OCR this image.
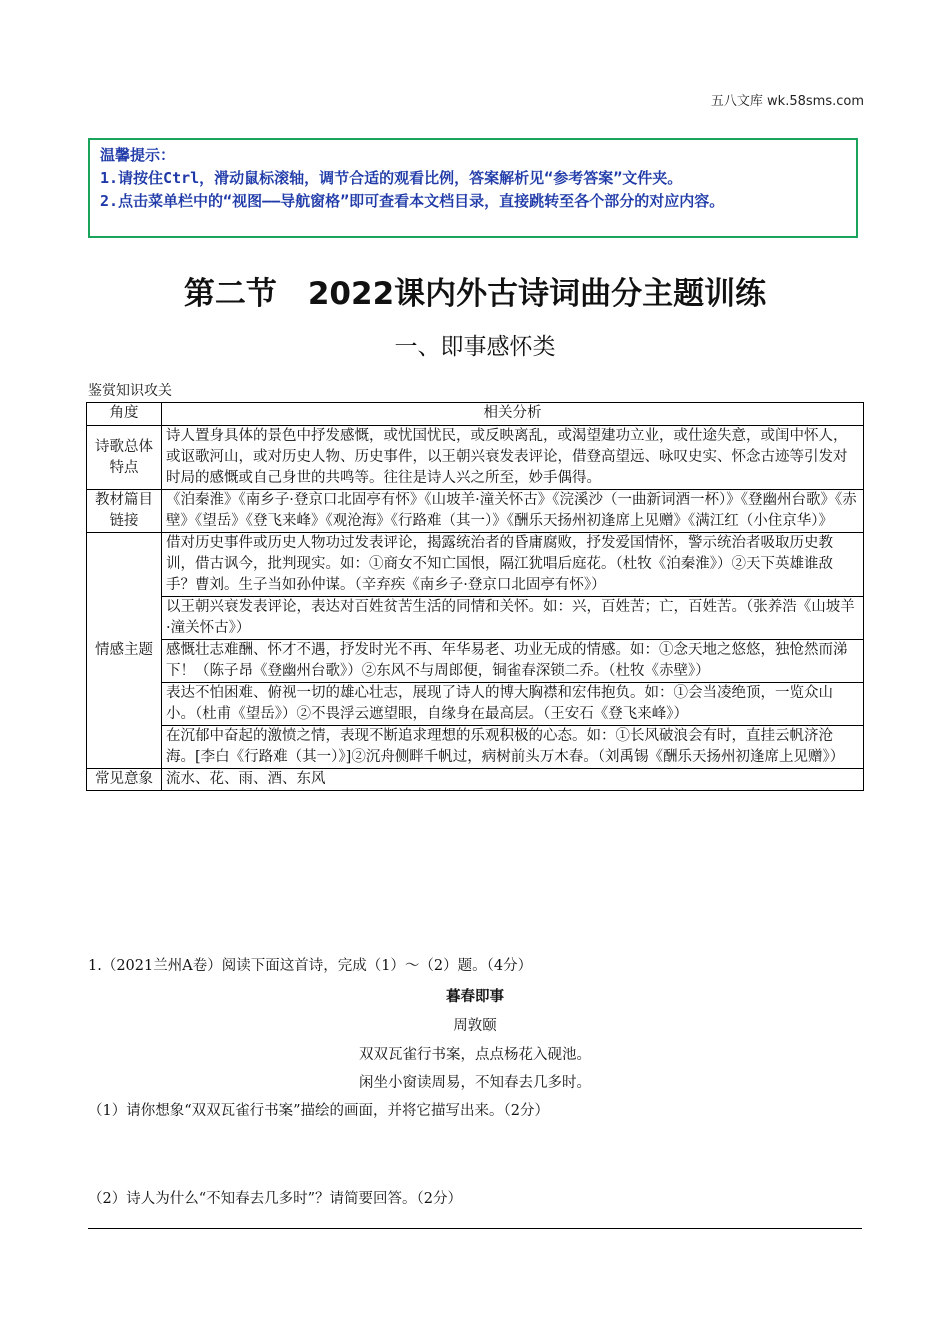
五八文库 wk.58sms.com
温馨提示：
1.请按住Ctrl，滑动鼠标滚轴，调节合适的观看比例，答案解析见“参考答案”文件夹。
2.点击菜单栏中的“视图——导航窗格”即可查看本文档目录，直接跳转至各个部分的对应内容。
第二节　2022课内外古诗词曲分主题训练
一、即事感怀类
鉴赏知识攻关
角度	相关分析
诗歌总体特点	诗人置身具体的景色中抒发感慨，或忧国忧民，或反映离乱，或渴望建功立业，或仕途失意，或闺中怀人，或讴歌河山，或对历史人物、历史事件，以王朝兴衰发表评论，借登高望远、咏叹史实、怀念古迹等引发对时局的感慨或自己身世的共鸣等。往往是诗人兴之所至，妙手偶得。
教材篇目链接	《泊秦淮》《南乡子·登京口北固亭有怀》《山坡羊·潼关怀古》《浣溪沙（一曲新词酒一杯）》《登幽州台歌》《赤壁》《望岳》《登飞来峰》《观沧海》《行路难（其一）》《酬乐天扬州初逢席上见赠》《满江红（小住京华）》
情感主题	借对历史事件或历史人物功过发表评论，揭露统治者的昏庸腐败，抒发爱国情怀，警示统治者吸取历史教训，借古讽今，批判现实。如：①商女不知亡国恨，隔江犹唱后庭花。（杜牧《泊秦淮》）②天下英雄谁敌手？曹刘。生子当如孙仲谋。（辛弃疾《南乡子·登京口北固亭有怀》）
	以王朝兴衰发表评论，表达对百姓贫苦生活的同情和关怀。如：兴，百姓苦；亡，百姓苦。（张养浩《山坡羊·潼关怀古》）
	感慨壮志难酬、怀才不遇，抒发时光不再、年华易老、功业无成的情感。如：①念天地之悠悠，独怆然而涕下！（陈子昂《登幽州台歌》）②东风不与周郎便，铜雀春深锁二乔。（杜牧《赤壁》）
	表达不怕困难、俯视一切的雄心壮志，展现了诗人的博大胸襟和宏伟抱负。如：①会当凌绝顶，一览众山小。（杜甫《望岳》）②不畏浮云遮望眼，自缘身在最高层。（王安石《登飞来峰》）
	在沉郁中奋起的激愤之情，表现不断追求理想的乐观积极的心态。如：①长风破浪会有时，直挂云帆济沧海。[李白《行路难（其一）》]②沉舟侧畔千帆过，病树前头万木春。（刘禹锡《酬乐天扬州初逢席上见赠》）
常见意象	流水、花、雨、酒、东风
1.（2021兰州A卷）阅读下面这首诗，完成（1）～（2）题。（4分）
暮春即事
周敦颐
双双瓦雀行书案，点点杨花入砚池。
闲坐小窗读周易，不知春去几多时。
（1）请你想象“双双瓦雀行书案”描绘的画面，并将它描写出来。（2分）
（2）诗人为什么“不知春去几多时”？请简要回答。（2分）
